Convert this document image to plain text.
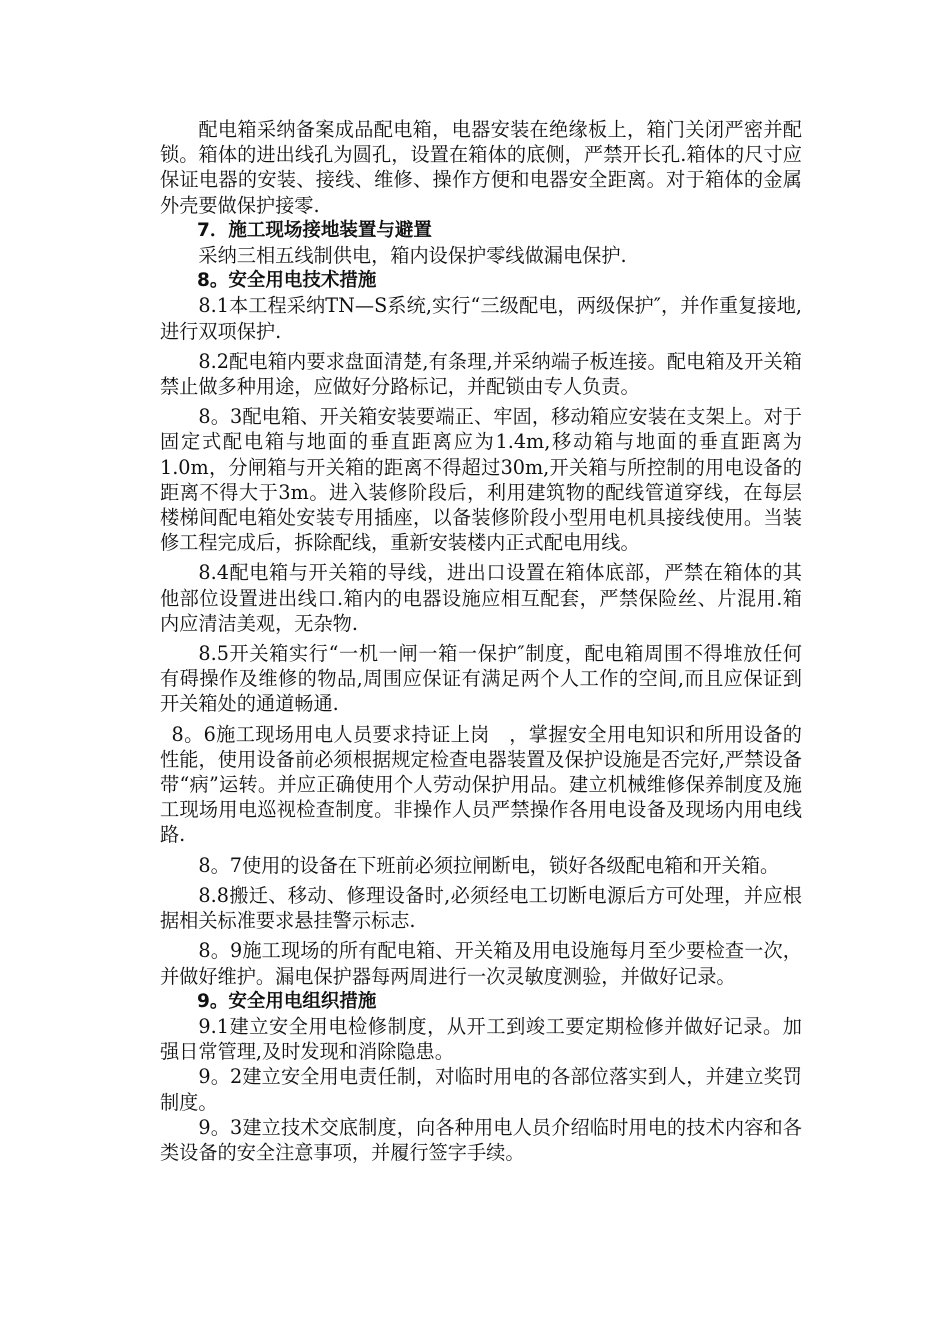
配电箱采纳备案成品配电箱，电器安装在绝缘板上，箱门关闭严密并配锁。箱体的进出线孔为圆孔，设置在箱体的底侧，严禁开长孔.箱体的尺寸应保证电器的安装、接线、维修、操作方便和电器安全距离。对于箱体的金属外壳要做保护接零.

7．施工现场接地装置与避置

采纳三相五线制供电，箱内设保护零线做漏电保护.

8。安全用电技术措施

8.1本工程采纳TN—S系统,实行“三级配电，两级保护″，并作重复接地,进行双项保护.

8.2配电箱内要求盘面清楚,有条理,并采纳端子板连接。配电箱及开关箱禁止做多种用途，应做好分路标记，并配锁由专人负责。

8。3配电箱、开关箱安装要端正、牢固，移动箱应安装在支架上。对于固定式配电箱与地面的垂直距离应为1.4m,移动箱与地面的垂直距离为1.0m，分闸箱与开关箱的距离不得超过30m,开关箱与所控制的用电设备的距离不得大于3m。进入装修阶段后，利用建筑物的配线管道穿线，在每层楼梯间配电箱处安装专用插座，以备装修阶段小型用电机具接线使用。当装修工程完成后，拆除配线，重新安装楼内正式配电用线。

8.4配电箱与开关箱的导线，进出口设置在箱体底部，严禁在箱体的其他部位设置进出线口.箱内的电器设施应相互配套，严禁保险丝、片混用.箱内应清洁美观，无杂物.

8.5开关箱实行“一机一闸一箱一保护″制度，配电箱周围不得堆放任何有碍操作及维修的物品,周围应保证有满足两个人工作的空间,而且应保证到开关箱处的通道畅通.

8。6施工现场用电人员要求持证上岗　，掌握安全用电知识和所用设备的性能，使用设备前必须根据规定检查电器装置及保护设施是否完好,严禁设备带“病”运转。并应正确使用个人劳动保护用品。建立机械维修保养制度及施工现场用电巡视检查制度。非操作人员严禁操作各用电设备及现场内用电线路.

8。7使用的设备在下班前必须拉闸断电，锁好各级配电箱和开关箱。

8.8搬迁、移动、修理设备时,必须经电工切断电源后方可处理，并应根据相关标准要求悬挂警示标志.

8。9施工现场的所有配电箱、开关箱及用电设施每月至少要检查一次，并做好维护。漏电保护器每两周进行一次灵敏度测验，并做好记录。

9。安全用电组织措施

9.1建立安全用电检修制度，从开工到竣工要定期检修并做好记录。加强日常管理,及时发现和消除隐患。

9。2建立安全用电责任制，对临时用电的各部位落实到人，并建立奖罚制度。

9。3建立技术交底制度，向各种用电人员介绍临时用电的技术内容和各类设备的安全注意事项，并履行签字手续。
